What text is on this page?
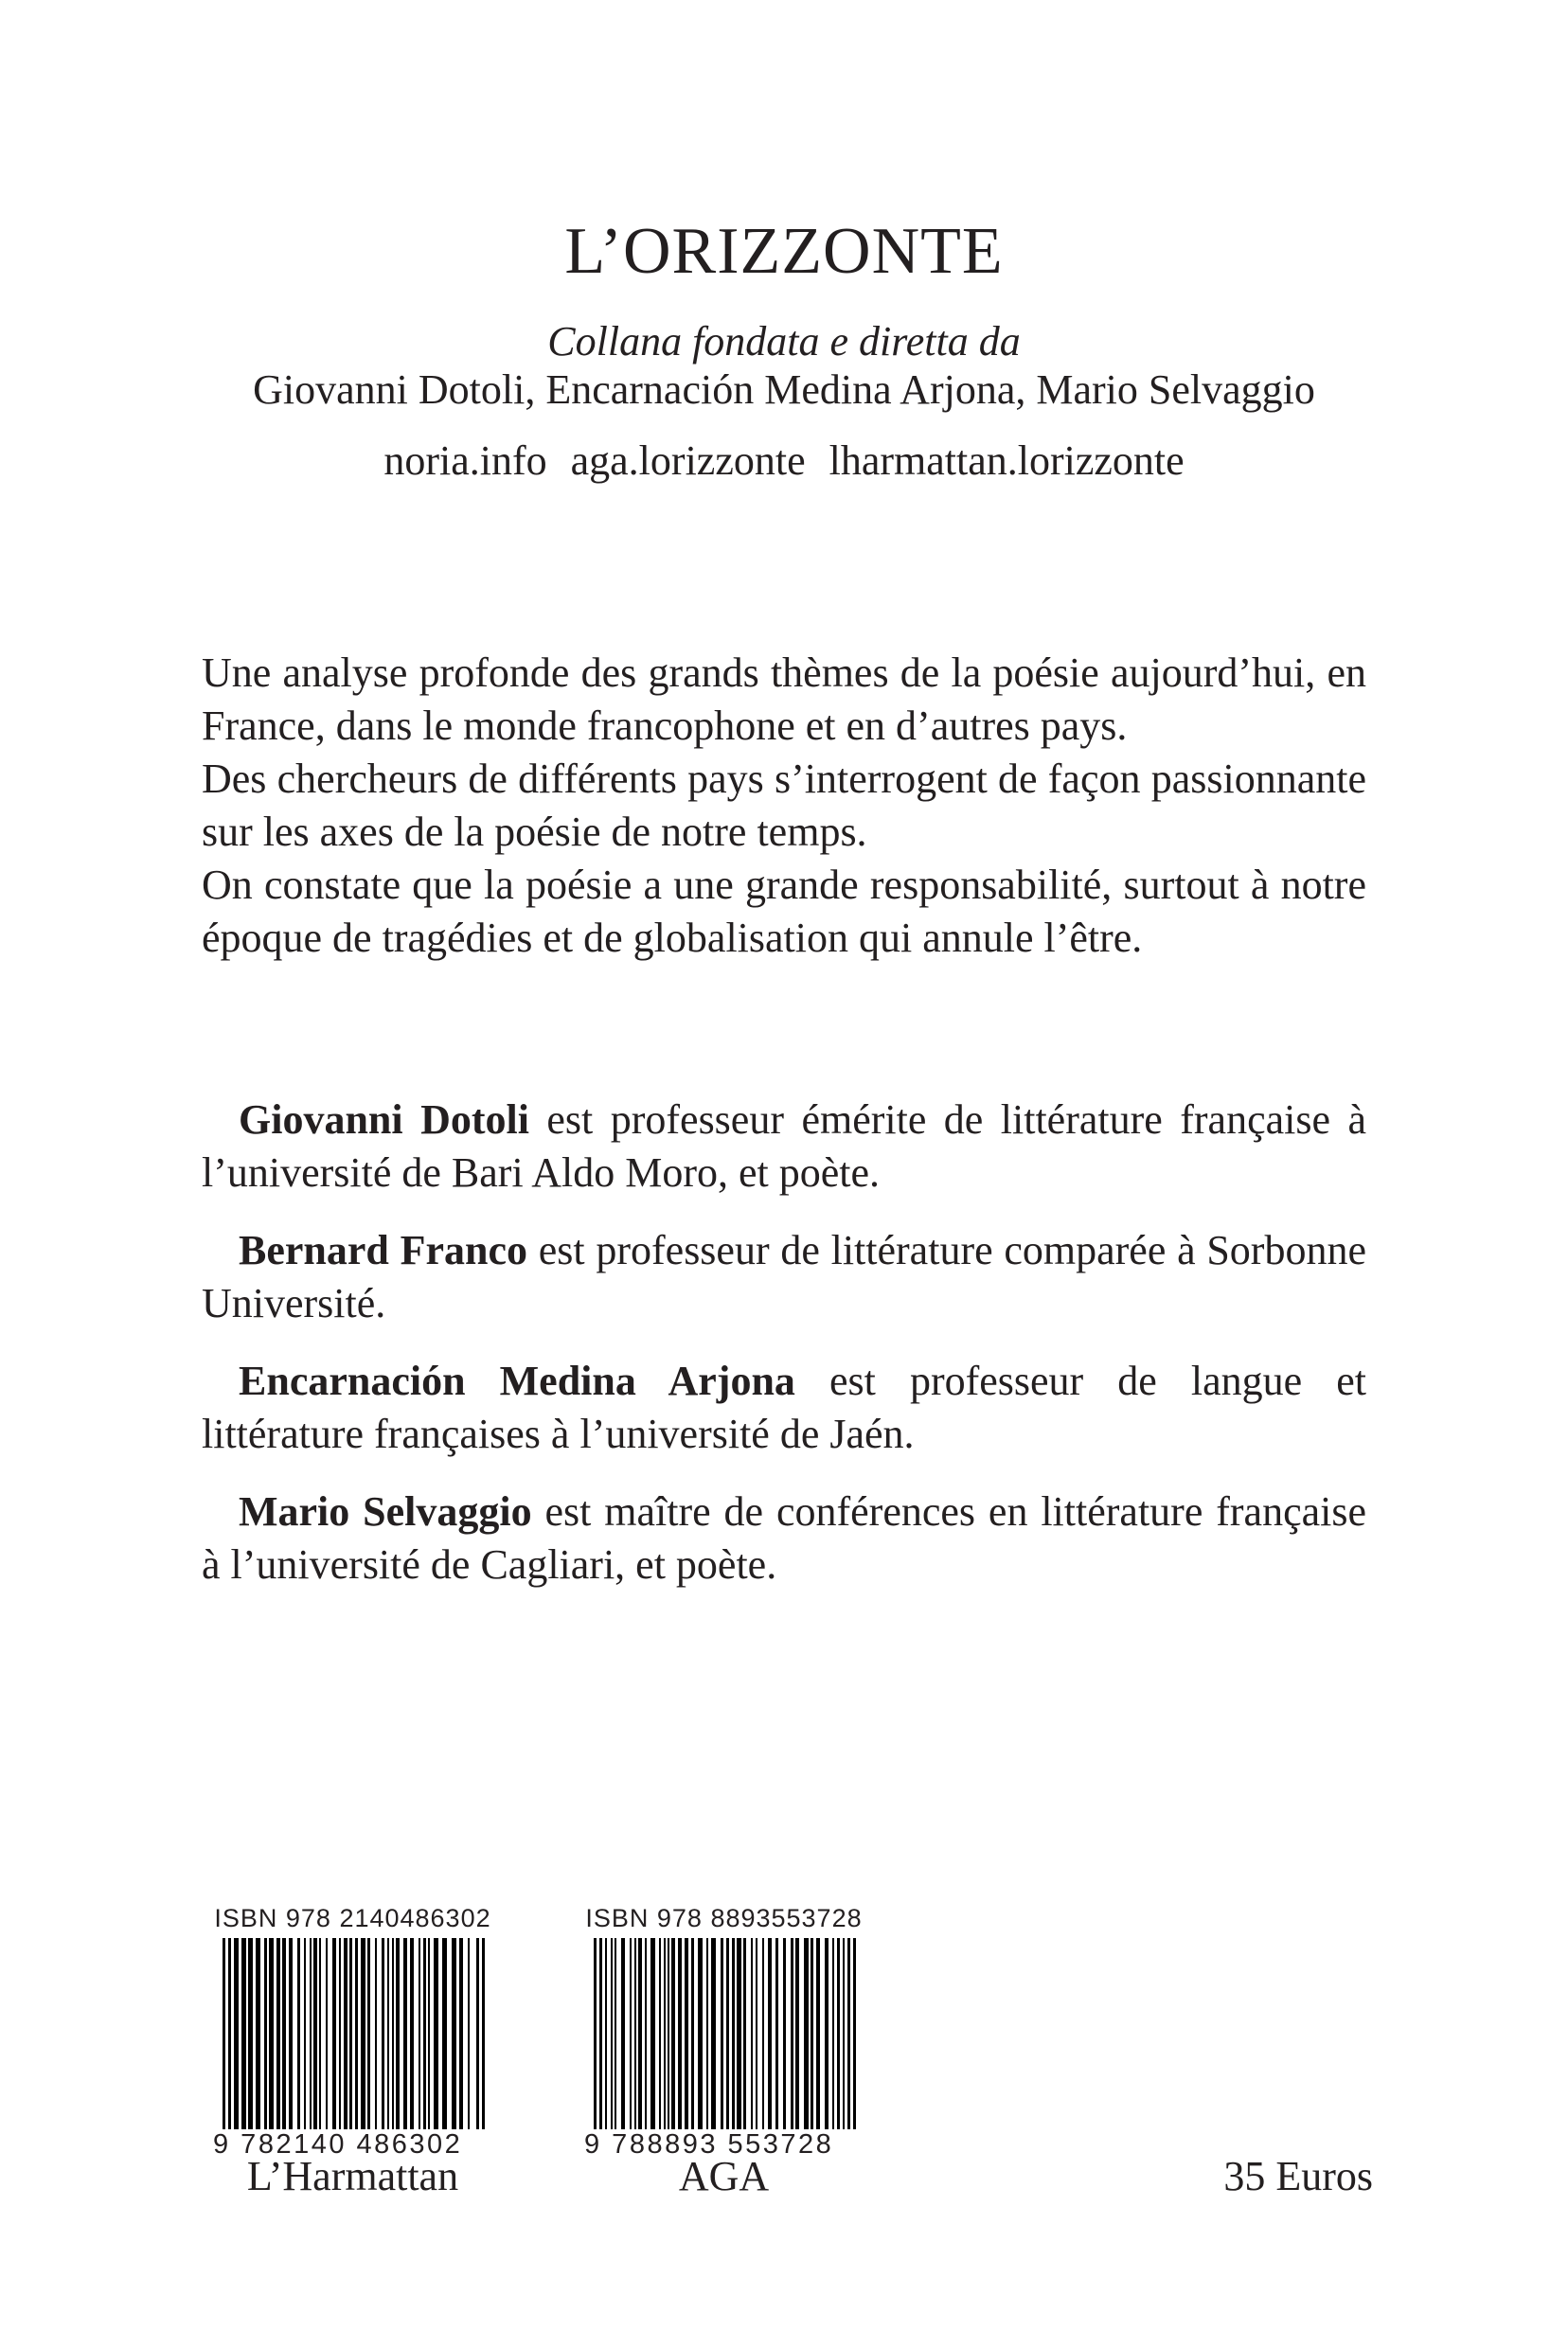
L’ORIZZONTE
Collana fondata e diretta da
Giovanni Dotoli, Encarnación Medina Arjona, Mario Selvaggio
noria.info aga.lorizzonte lharmattan.lorizzonte

Une analyse profonde des grands thèmes de la poésie aujourd’hui, en France, dans le monde francophone et en d’autres pays.

Des chercheurs de différents pays s’interrogent de façon passionnante sur les axes de la poésie de notre temps.

On constate que la poésie a une grande responsabilité, surtout à notre époque de tragédies et de globalisation qui annule l’être.

Giovanni Dotoli est professeur émérite de littérature française à l’université de Bari Aldo Moro, et poète.

Bernard Franco est professeur de littérature comparée à Sorbonne Université.

Encarnación Medina Arjona est professeur de langue et littérature françaises à l’université de Jaén.

Mario Selvaggio est maître de conférences en littérature française à l’université de Cagliari, et poète.

ISBN 978 2140486302
9 782140 486302
L’Harmattan
ISBN 978 8893553728
9 788893 553728
AGA	35 Euros
